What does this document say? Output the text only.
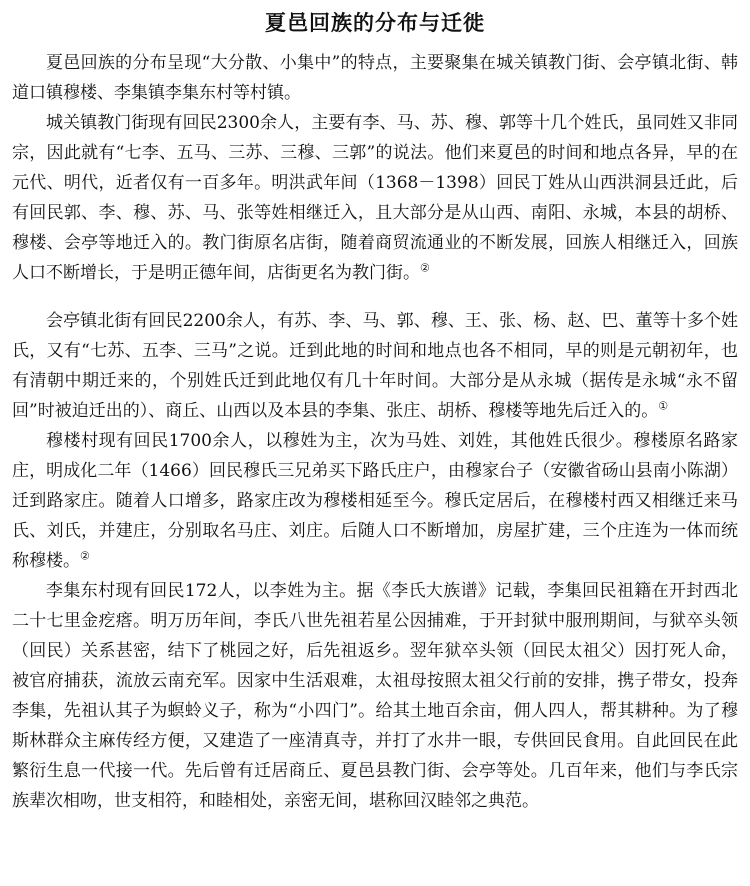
夏邑回族的分布与迁徙

夏邑回族的分布呈现“大分散、小集中”的特点，主要聚集在城关镇教门街、会亭镇北街、韩道口镇穆楼、李集镇李集东村等村镇。

城关镇教门街现有回民2300余人，主要有李、马、苏、穆、郭等十几个姓氏，虽同姓又非同宗，因此就有“七李、五马、三苏、三穆、三郭”的说法。他们来夏邑的时间和地点各异，早的在元代、明代，近者仅有一百多年。明洪武年间（1368－1398）回民丁姓从山西洪洞县迁此，后有回民郭、李、穆、苏、马、张等姓相继迁入，且大部分是从山西、南阳、永城，本县的胡桥、穆楼、会亭等地迁入的。教门街原名店街，随着商贸流通业的不断发展，回族人相继迁入，回族人口不断增长，于是明正德年间，店街更名为教门街。②

会亭镇北街有回民2200余人，有苏、李、马、郭、穆、王、张、杨、赵、巴、董等十多个姓氏，又有“七苏、五李、三马”之说。迁到此地的时间和地点也各不相同，早的则是元朝初年，也有清朝中期迁来的，个别姓氏迁到此地仅有几十年时间。大部分是从永城（据传是永城“永不留回”时被迫迁出的）、商丘、山西以及本县的李集、张庄、胡桥、穆楼等地先后迁入的。①

穆楼村现有回民1700余人，以穆姓为主，次为马姓、刘姓，其他姓氏很少。穆楼原名路家庄，明成化二年（1466）回民穆氏三兄弟买下路氏庄户，由穆家台子（安徽省砀山县南小陈湖）迁到路家庄。随着人口增多，路家庄改为穆楼相延至今。穆氏定居后，在穆楼村西又相继迁来马氏、刘氏，并建庄，分别取名马庄、刘庄。后随人口不断增加，房屋扩建，三个庄连为一体而统称穆楼。②

李集东村现有回民172人，以李姓为主。据《李氏大族谱》记载，李集回民祖籍在开封西北二十七里金疙瘩。明万历年间，李氏八世先祖若星公因捕难，于开封狱中服刑期间，与狱卒头领（回民）关系甚密，结下了桃园之好，后先祖返乡。翌年狱卒头领（回民太祖父）因打死人命，被官府捕获，流放云南充军。因家中生活艰难，太祖母按照太祖父行前的安排，携子带女，投奔李集，先祖认其子为螟蛉义子，称为“小四门”。给其土地百余亩，佣人四人，帮其耕种。为了穆斯林群众主麻传经方便，又建造了一座清真寺，并打了水井一眼，专供回民食用。自此回民在此繁衍生息一代接一代。先后曾有迁居商丘、夏邑县教门街、会亭等处。几百年来，他们与李氏宗族辈次相吻，世支相符，和睦相处，亲密无间，堪称回汉睦邻之典范。
